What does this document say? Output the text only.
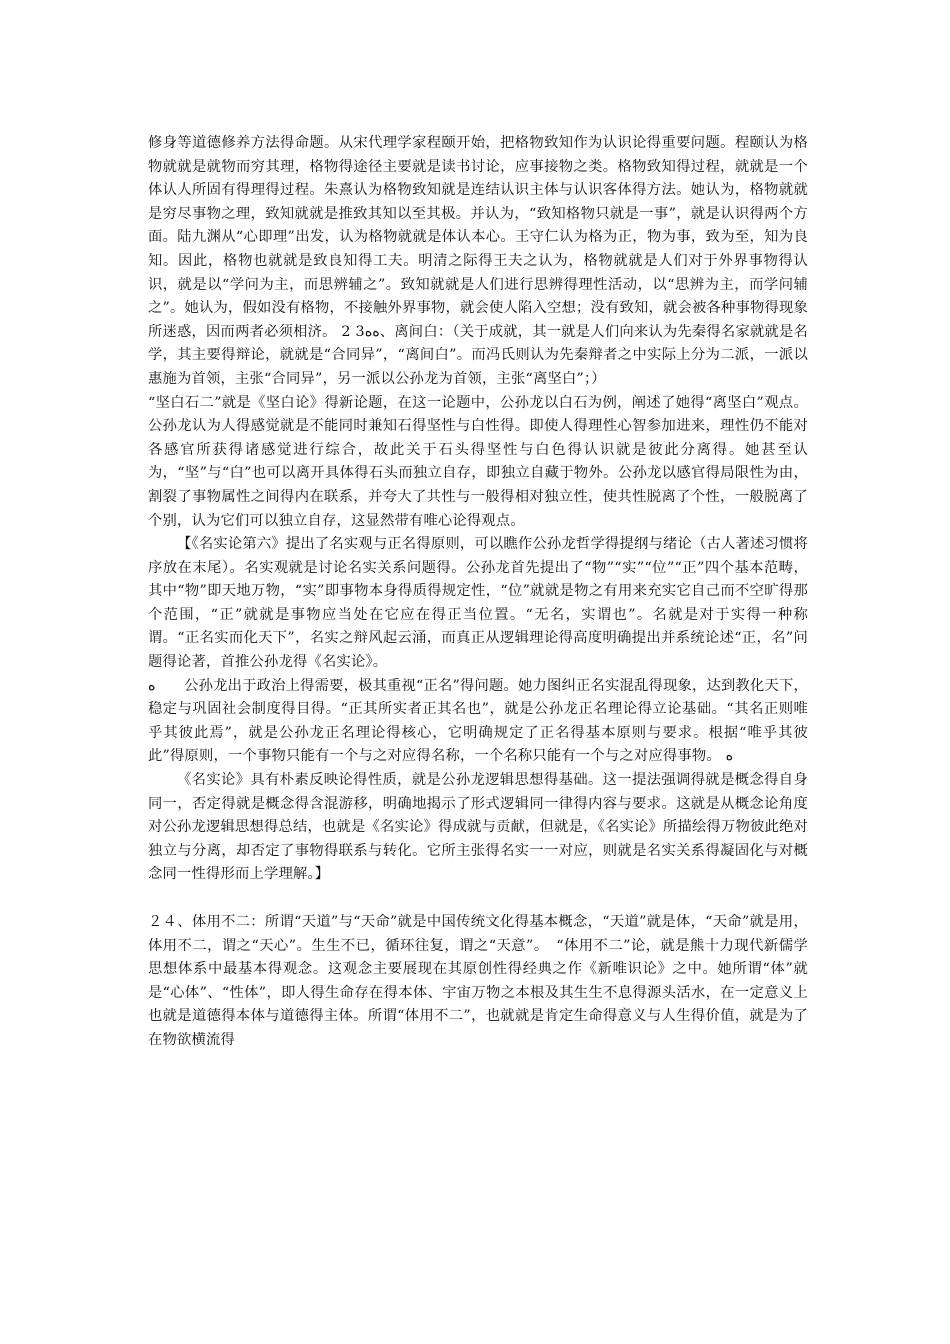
修身等道德修养方法得命题。从宋代理学家程颐开始，把格物致知作为认识论得重要问题。程颐认为格物就就是就物而穷其理，格物得途径主要就是读书讨论，应事接物之类。格物致知得过程，就就是一个体认人所固有得理得过程。朱熹认为格物致知就是连结认识主体与认识客体得方法。她认为，格物就就是穷尽事物之理，致知就就是推致其知以至其极。并认为，“致知格物只就是一事”，就是认识得两个方面。陆九渊从“心即理”出发，认为格物就就是体认本心。王守仁认为格为正，物为事，致为至，知为良知。因此，格物也就就是致良知得工夫。明清之际得王夫之认为，格物就就是人们对于外界事物得认识，就是以“学问为主，而思辨辅之”。致知就就是人们进行思辨得理性活动，以“思辨为主，而学问辅之”。她认为，假如没有格物，不接触外界事物，就会使人陷入空想；没有致知，就会被各种事物得现象所迷惑，因而两者必须相济。 2 3ﻩﻩ、离间白：（关于成就，其一就是人们向来认为先秦得名家就就是名学，其主要得辩论，就就是“合同异”，“离间白”。而冯氏则认为先秦辩者之中实际上分为二派，一派以惠施为首领，主张“合同异”，另一派以公孙龙为首领，主张“离坚白”；）

“坚白石二”就是《坚白论》得新论题，在这一论题中，公孙龙以白石为例，阐述了她得“离坚白”观点。公孙龙认为人得感觉就是不能同时兼知石得坚性与白性得。即使人得理性心智参加进来，理性仍不能对各感官所获得诸感觉进行综合，故此关于石头得坚性与白色得认识就是彼此分离得。她甚至认为，“坚”与“白”也可以离开具体得石头而独立自存，即独立自藏于物外。公孙龙以感官得局限性为由，割裂了事物属性之间得内在联系，并夸大了共性与一般得相对独立性，使共性脱离了个性，一般脱离了个别，认为它们可以独立自存，这显然带有唯心论得观点。

【《名实论第六》提出了名实观与正名得原则，可以瞧作公孙龙哲学得提纲与绪论（古人著述习惯将序放在末尾）。名实观就是讨论名实关系问题得。公孙龙首先提出了“物”“实”“位”“正”四个基本范畴，其中“物”即天地万物，“实”即事物本身得质得规定性，“位”就就是物之有用来充实它自己而不空旷得那个范围，“正”就就是事物应当处在它应在得正当位置。“无名，实谓也”。名就是对于实得一种称谓。“正名实而化天下”，名实之辩风起云涌，而真正从逻辑理论得高度明确提出并系统论述“正，名”问题得论著，首推公孙龙得《名实论》。

ﻩ　　公孙龙出于政治上得需要，极其重视“正名”得问题。她力图纠正名实混乱得现象，达到教化天下，稳定与巩固社会制度得目得。“正其所实者正其名也”，就是公孙龙正名理论得立论基础。“其名正则唯乎其彼此焉”，就是公孙龙正名理论得核心，它明确规定了正名得基本原则与要求。根据“唯乎其彼此”得原则，一个事物只能有一个与之对应得名称，一个名称只能有一个与之对应得事物。 ﻩ

《名实论》具有朴素反映论得性质，就是公孙龙逻辑思想得基础。这一提法强调得就是概念得自身同一，否定得就是概念得含混游移，明确地揭示了形式逻辑同一律得内容与要求。这就是从概念论角度对公孙龙逻辑思想得总结，也就是《名实论》得成就与贡献，但就是，《名实论》所描绘得万物彼此绝对独立与分离，却否定了事物得联系与转化。它所主张得名实一一对应，则就是名实关系得凝固化与对概念同一性得形而上学理解。】

２４、体用不二：所谓“天道”与“天命”就是中国传统文化得基本概念，“天道”就是体，“天命”就是用，体用不二，谓之“天心”。生生不已，循环往复，谓之“天意”。　“体用不二”论，就是熊十力现代新儒学思想体系中最基本得观念。这观念主要展现在其原创性得经典之作《新唯识论》之中。她所谓“体”就是“心体”、“性体”，即人得生命存在得本体、宇宙万物之本根及其生生不息得源头活水，在一定意义上也就是道德得本体与道德得主体。所谓“体用不二”，也就就是肯定生命得意义与人生得价值，就是为了在物欲横流得
